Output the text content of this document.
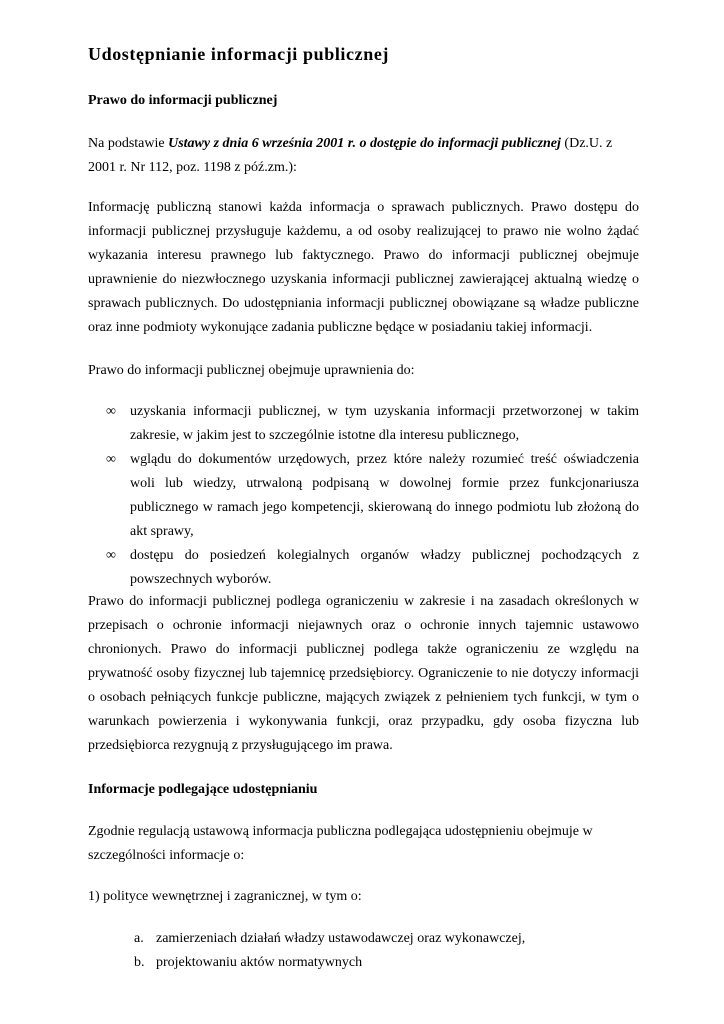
Udostępnianie informacji publicznej
Prawo do informacji publicznej

Na podstawie Ustawy z dnia 6 września 2001 r. o dostępie do informacji publicznej (Dz.U. z 2001 r. Nr 112, poz. 1198 z póź.zm.):

Informację publiczną stanowi każda informacja o sprawach publicznych. Prawo dostępu do informacji publicznej przysługuje każdemu, a od osoby realizującej to prawo nie wolno żądać wykazania interesu prawnego lub faktycznego. Prawo do informacji publicznej obejmuje uprawnienie do niezwłocznego uzyskania informacji publicznej zawierającej aktualną wiedzę o sprawach publicznych. Do udostępniania informacji publicznej obowiązane są władze publiczne oraz inne podmioty wykonujące zadania publiczne będące w posiadaniu takiej informacji.

Prawo do informacji publicznej obejmuje uprawnienia do:

∞ uzyskania informacji publicznej, w tym uzyskania informacji przetworzonej w takim zakresie, w jakim jest to szczególnie istotne dla interesu publicznego,
∞ wglądu do dokumentów urzędowych, przez które należy rozumieć treść oświadczenia woli lub wiedzy, utrwaloną podpisaną w dowolnej formie przez funkcjonariusza publicznego w ramach jego kompetencji, skierowaną do innego podmiotu lub złożoną do akt sprawy,
∞ dostępu do posiedzeń kolegialnych organów władzy publicznej pochodzących z powszechnych wyborów.

Prawo do informacji publicznej podlega ograniczeniu w zakresie i na zasadach określonych w przepisach o ochronie informacji niejawnych oraz o ochronie innych tajemnic ustawowo chronionych. Prawo do informacji publicznej podlega także ograniczeniu ze względu na prywatność osoby fizycznej lub tajemnicę przedsiębiorcy. Ograniczenie to nie dotyczy informacji o osobach pełniących funkcje publiczne, mających związek z pełnieniem tych funkcji, w tym o warunkach powierzenia i wykonywania funkcji, oraz przypadku, gdy osoba fizyczna lub przedsiębiorca rezygnują z przysługującego im prawa.

Informacje podlegające udostępnianiu

Zgodnie regulacją ustawową informacja publiczna podlegająca udostępnieniu obejmuje w
szczególności informacje o:

1) polityce wewnętrznej i zagranicznej, w tym o:

a. zamierzeniach działań władzy ustawodawczej oraz wykonawczej,
b. projektowaniu aktów normatywnych
